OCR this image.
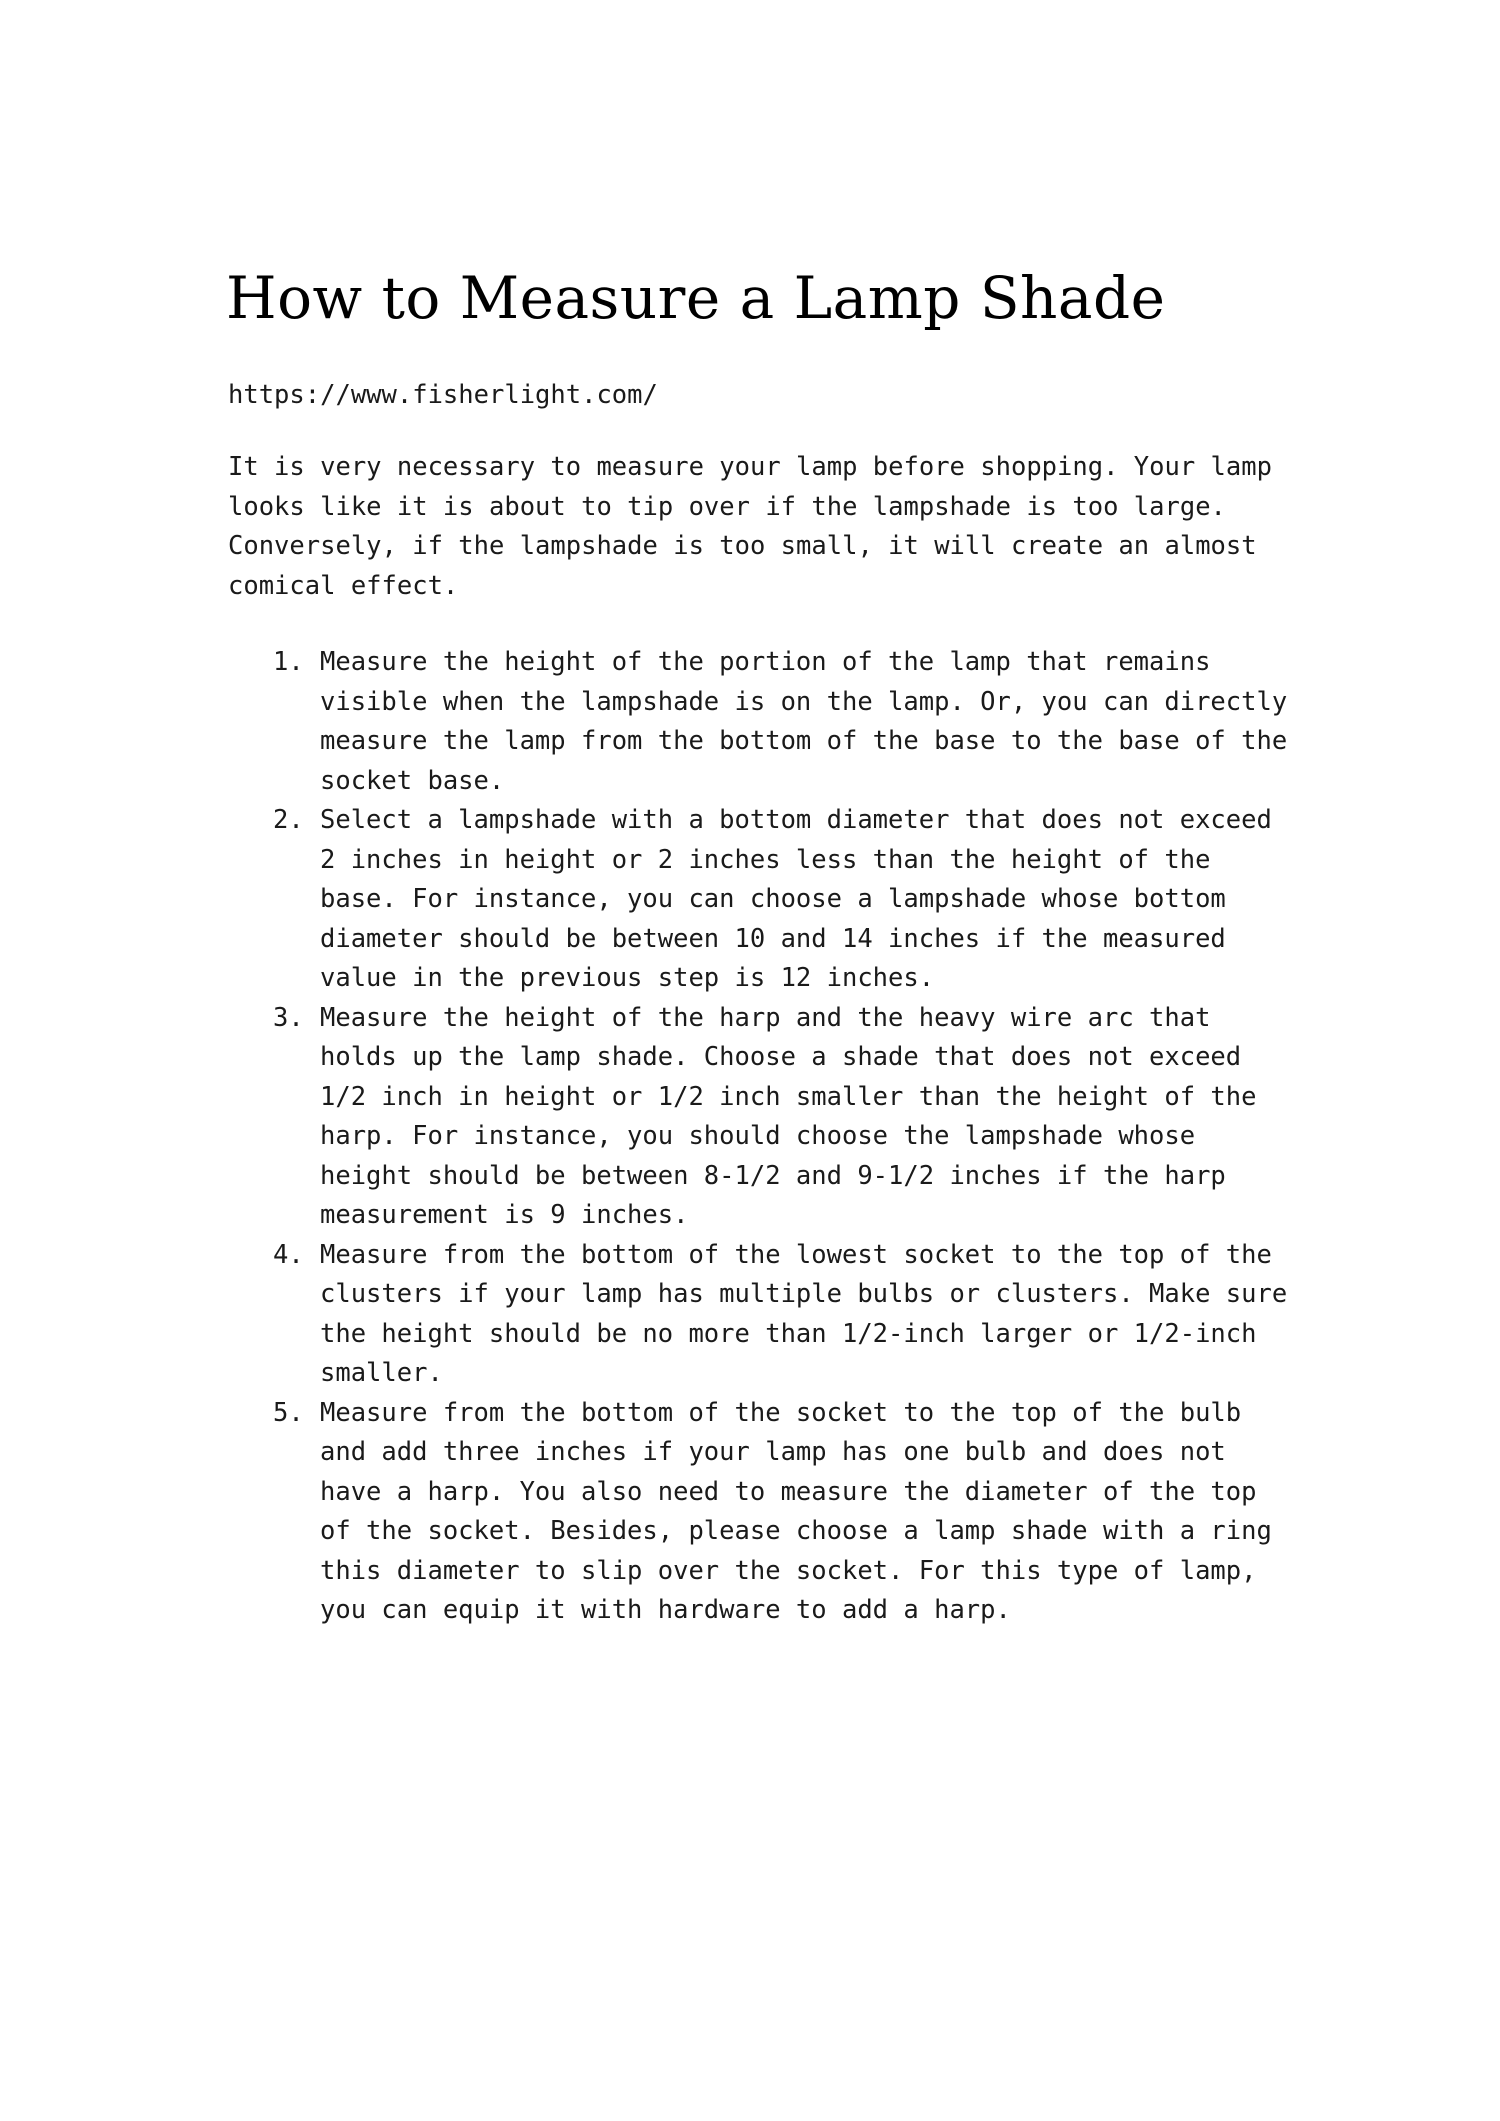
How to Measure a Lamp Shade
https://www.fisherlight.com/

It is very necessary to measure your lamp before shopping. Your lamp
looks like it is about to tip over if the lampshade is too large.
Conversely, if the lampshade is too small, it will create an almost
comical effect.

1. Measure the height of the portion of the lamp that remains
visible when the lampshade is on the lamp. Or, you can directly
measure the lamp from the bottom of the base to the base of the
socket base.
2. Select a lampshade with a bottom diameter that does not exceed
2 inches in height or 2 inches less than the height of the
base. For instance, you can choose a lampshade whose bottom
diameter should be between 10 and 14 inches if the measured
value in the previous step is 12 inches.
3. Measure the height of the harp and the heavy wire arc that
holds up the lamp shade. Choose a shade that does not exceed
1/2 inch in height or 1/2 inch smaller than the height of the
harp. For instance, you should choose the lampshade whose
height should be between 8-1/2 and 9-1/2 inches if the harp
measurement is 9 inches.
4. Measure from the bottom of the lowest socket to the top of the
clusters if your lamp has multiple bulbs or clusters. Make sure
the height should be no more than 1/2-inch larger or 1/2-inch
smaller.
5. Measure from the bottom of the socket to the top of the bulb
and add three inches if your lamp has one bulb and does not
have a harp. You also need to measure the diameter of the top
of the socket. Besides, please choose a lamp shade with a ring
this diameter to slip over the socket. For this type of lamp,
you can equip it with hardware to add a harp.
